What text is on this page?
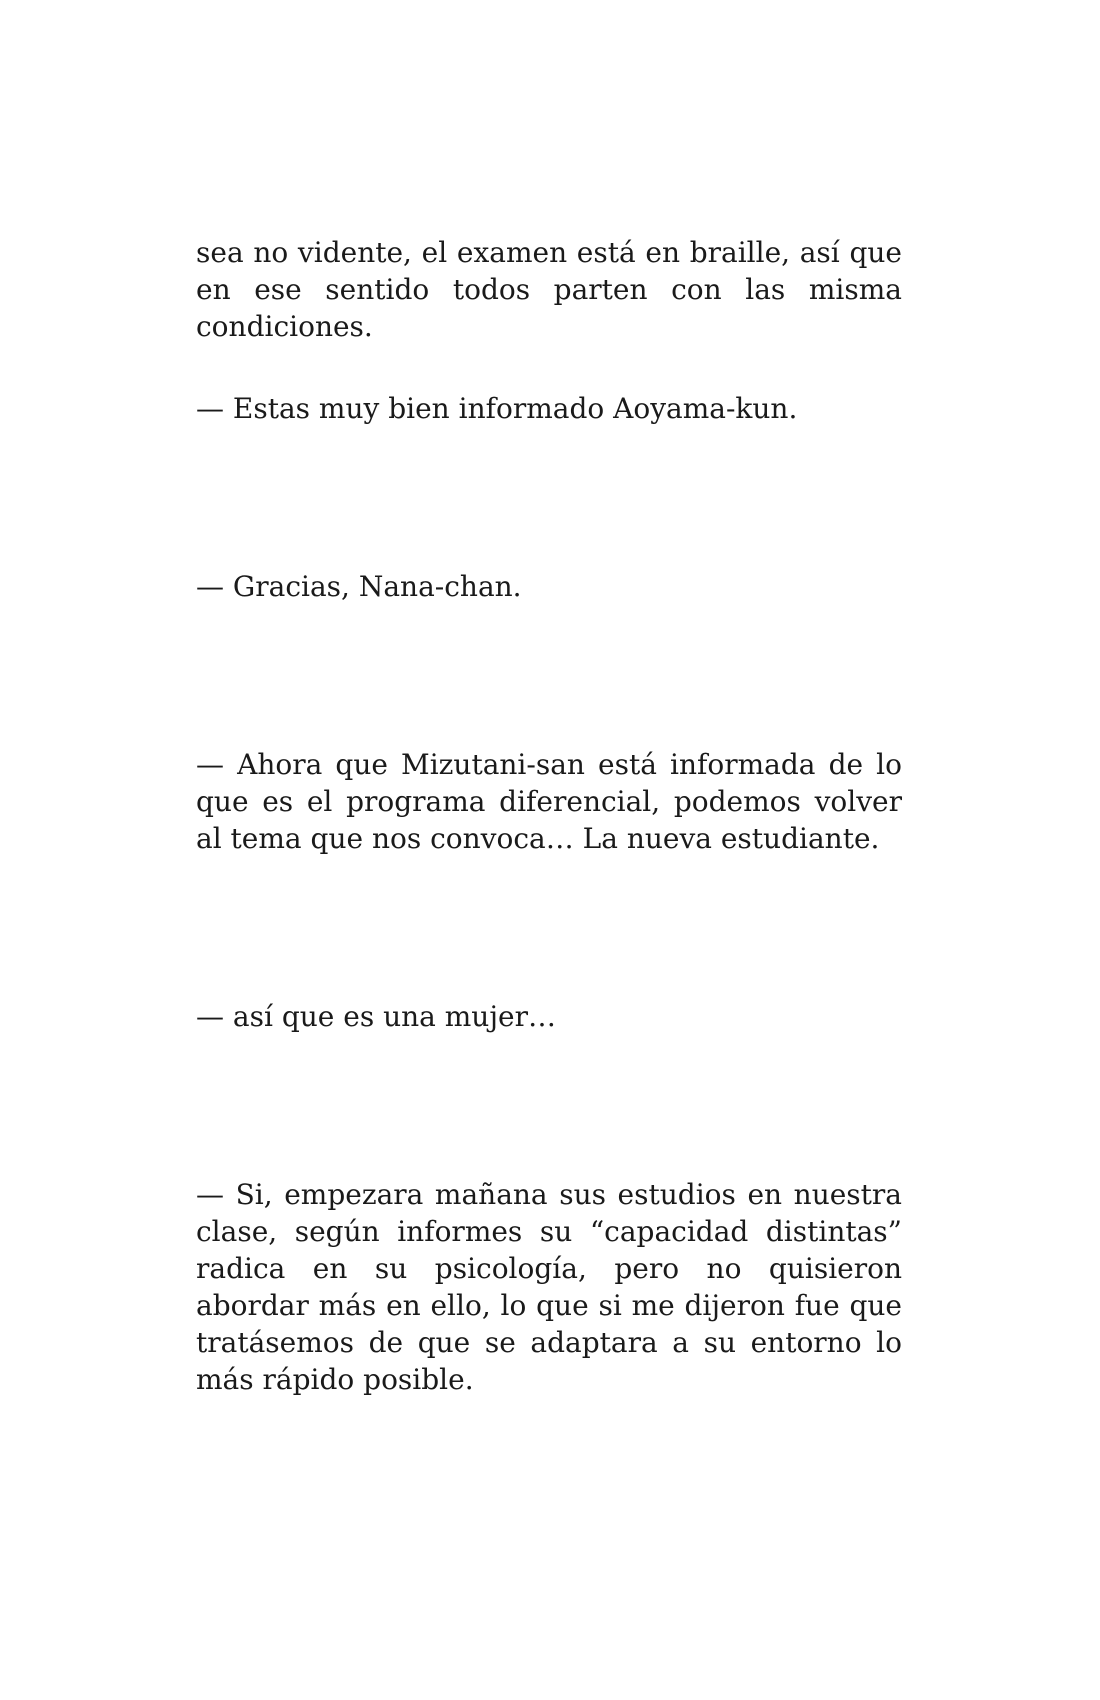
sea no vidente, el examen está en braille, así que en ese sentido todos parten con las misma condiciones.

— Estas muy bien informado Aoyama-kun.

— Gracias, Nana-chan.

— Ahora que Mizutani-san está informada de lo que es el programa diferencial, podemos volver al tema que nos convoca… La nueva estudiante.

— así que es una mujer…

— Si, empezara mañana sus estudios en nuestra clase, según informes su “capacidad distintas” radica en su psicología, pero no quisieron abordar más en ello, lo que si me dijeron fue que tratásemos de que se adaptara a su entorno lo más rápido posible.
